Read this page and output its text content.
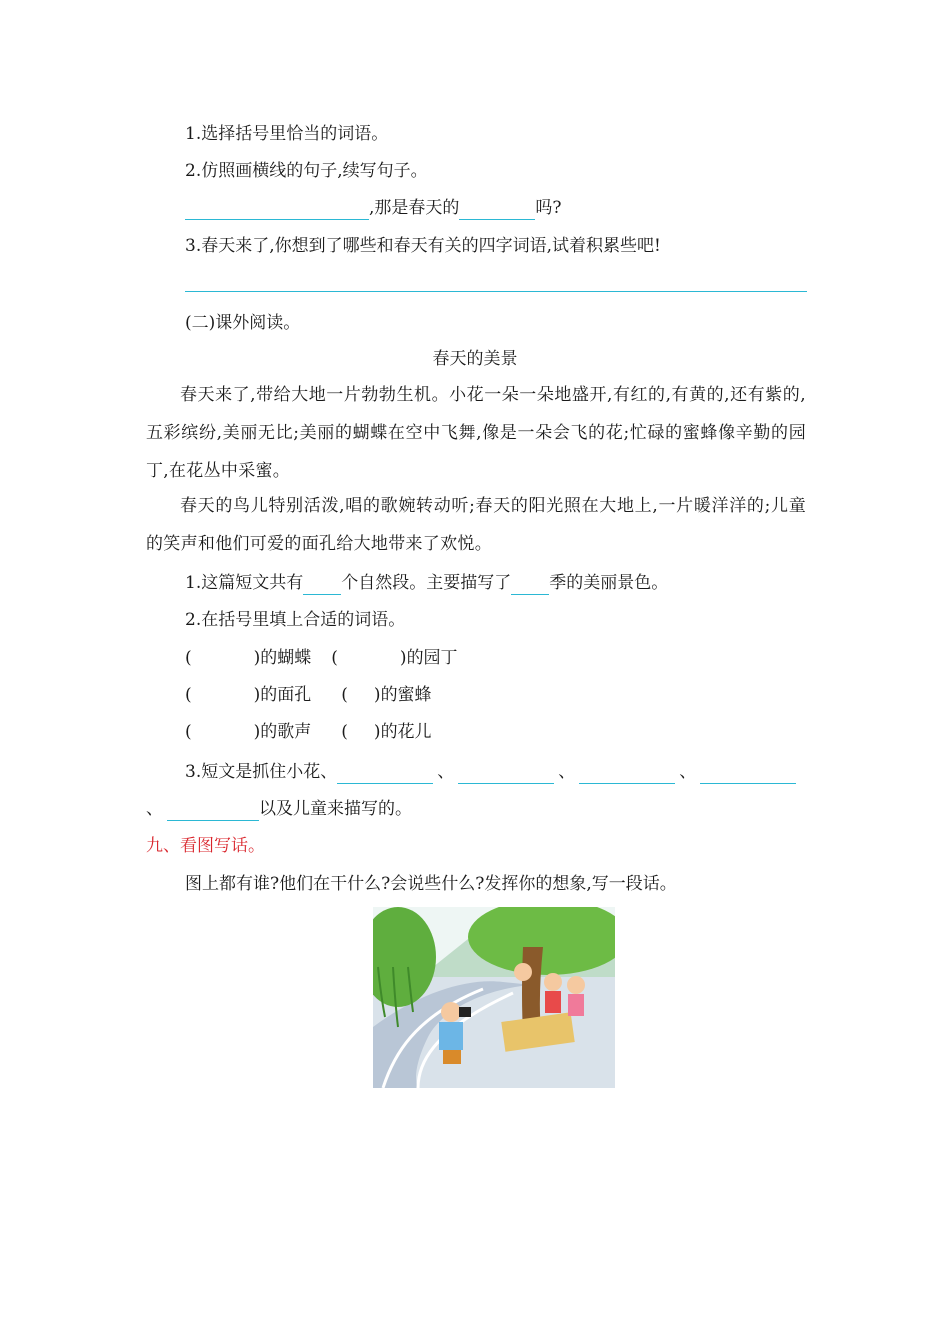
1.选择括号里恰当的词语。
2.仿照画横线的句子,续写句子。
,那是春天的	吗?
3.春天来了,你想到了哪些和春天有关的四字词语,试着积累些吧!
(二)课外阅读。
春天的美景
春天来了,带给大地一片勃勃生机。小花一朵一朵地盛开,有红的,有黄的,还有紫的,五彩缤纷,美丽无比;美丽的蝴蝶在空中飞舞,像是一朵会飞的花;忙碌的蜜蜂像辛勤的园丁,在花丛中采蜜。
春天的鸟儿特别活泼,唱的歌婉转动听;春天的阳光照在大地上,一片暖洋洋的;儿童的笑声和他们可爱的面孔给大地带来了欢悦。
1.这篇短文共有 个自然段。主要描写了 季的美丽景色。
2.在括号里填上合适的词语。
(	)的蝴蝶 (	)的园丁
(	)的面孔 ( )的蜜蜂
(	)的歌声 ( )的花儿
3.短文是抓住小花、	、	、	、
、	以及儿童来描写的。
九、看图写话。
图上都有谁?他们在干什么?会说些什么?发挥你的想象,写一段话。
